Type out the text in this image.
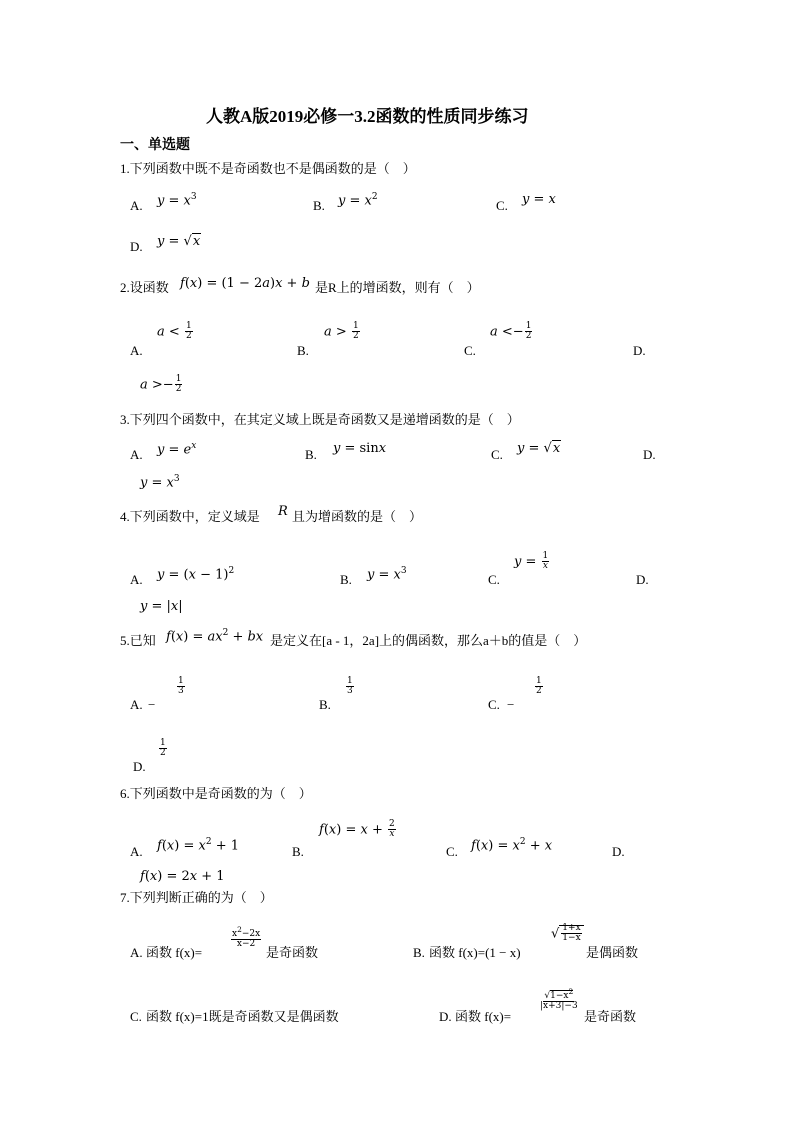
人教A版2019必修一3.2函数的性质同步练习
一、单选题
1.下列函数中既不是奇函数也不是偶函数的是（　）
A. $y = x^3$
B. $y = x^2$
C. y = x
D. y = √x
2.设函数 f(x) = (1 − 2a)x + b 是R上的增函数，则有（　）
A.
$a < \frac{1}{2}$
B.
$a > \frac{1}{2}$
C.
$a <- \frac{1}{2}$
D.
$a >- \frac{1}{2}$
3.下列四个函数中，在其定义域上既是奇函数又是递增函数的是（　）
A. $y = e^x$
B. y = sinx	C. y = √x	D.
$y = x^3$
4.下列函数中，定义域是 R 且为增函数的是（　）
A. $y = (x - 1)^2$
B. $y = x^3$
C.
$y = \frac{1}{x}$
D.
y = |x|
5.已知 $f(x) = ax^2$ + bx 是定义在[a - 1，2a]上的偶函数，那么a＋b的值是（　）
A. −
$\frac{1}{3}$
B.
$\frac{1}{3}$
C. −
$\frac{1}{2}$
D.
$\frac{1}{2}$
6.下列函数中是奇函数的为（　）
A. $f(x) = x^2 + 1$	B.
$f(x) = x + \frac{2}{x}$
C. $f(x) = x^2 + x$	D.
f(x) = 2x + 1
7.下列判断正确的为（　）
A. 函数 f(x)=
$\frac{x^2-2x}{x-2}$
是奇函数	B. 函数 f(x)=(1 − x)
√ $\frac{1+x}{1-x}$
是偶函数
C. 函数 f(x)=1既是奇函数又是偶函数	D. 函数 f(x)=
$\frac{√1-x^2}{|x+3|-3}$
是奇函数
